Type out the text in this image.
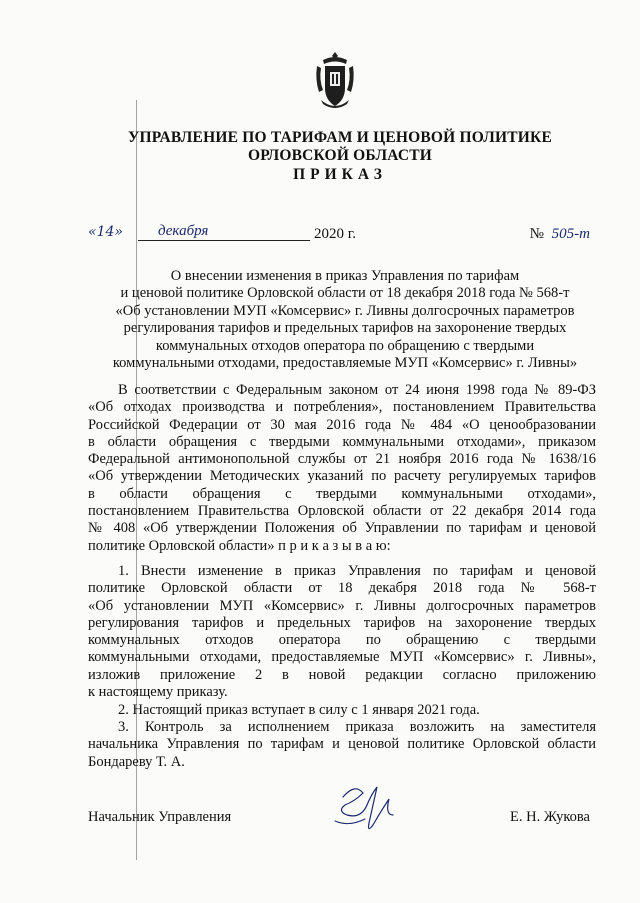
УПРАВЛЕНИЕ ПО ТАРИФАМ И ЦЕНОВОЙ ПОЛИТИКЕ
ОРЛОВСКОЙ ОБЛАСТИ
ПРИКАЗ
«14»	декабря	2020 г.	№ 505-т
О внесении изменения в приказ Управления по тарифам
и ценовой политике Орловской области от 18 декабря 2018 года № 568-т
«Об установлении МУП «Комсервис» г. Ливны долгосрочных параметров
регулирования тарифов и предельных тарифов на захоронение твердых
коммунальных отходов оператора по обращению с твердыми
коммунальными отходами, предоставляемые МУП «Комсервис» г. Ливны»
В соответствии с Федеральным законом от 24 июня 1998 года № 89-ФЗ
«Об отходах производства и потребления», постановлением Правительства
Российской Федерации от 30 мая 2016 года № 484 «О ценообразовании
в области обращения с твердыми коммунальными отходами», приказом
Федеральной антимонопольной службы от 21 ноября 2016 года № 1638/16
«Об утверждении Методических указаний по расчету регулируемых тарифов
в области обращения с твердыми коммунальными отходами»,
постановлением Правительства Орловской области от 22 декабря 2014 года
№ 408 «Об утверждении Положения об Управлении по тарифам и ценовой
политике Орловской области» п р и к а з ы в а ю:
1. Внести изменение в приказ Управления по тарифам и ценовой
политике Орловской области от 18 декабря 2018 года № 568-т
«Об установлении МУП «Комсервис» г. Ливны долгосрочных параметров
регулирования тарифов и предельных тарифов на захоронение твердых
коммунальных отходов оператора по обращению с твердыми
коммунальными отходами, предоставляемые МУП «Комсервис» г. Ливны»,
изложив приложение 2 в новой редакции согласно приложению
к настоящему приказу.
2. Настоящий приказ вступает в силу с 1 января 2021 года.
3. Контроль за исполнением приказа возложить на заместителя
начальника Управления по тарифам и ценовой политике Орловской области
Бондареву Т. А.
Начальник Управления	Е. Н. Жукова
